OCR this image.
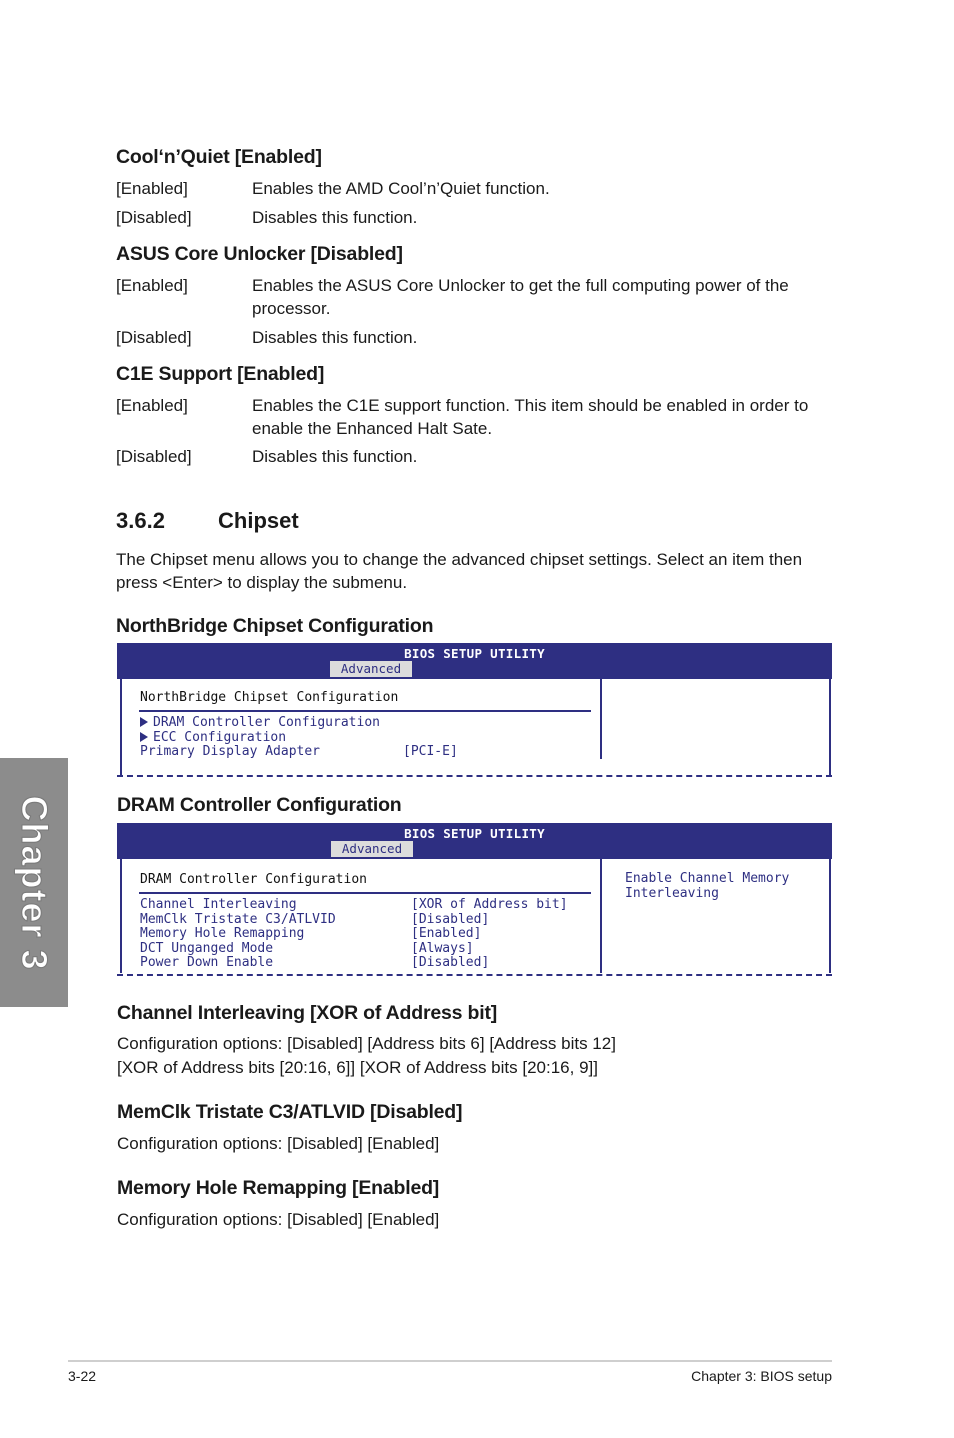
Cool‘n’Quiet [Enabled]
[Enabled]	Enables the AMD Cool’n’Quiet function.
[Disabled]	Disables this function.
ASUS Core Unlocker [Disabled]
[Enabled]	Enables the ASUS Core Unlocker to get the full computing power of the processor.
[Disabled]	Disables this function.
C1E Support [Enabled]
[Enabled]	Enables the C1E support function. This item should be enabled in order to enable the Enhanced Halt Sate.
[Disabled]	Disables this function.
3.6.2 Chipset
The Chipset menu allows you to change the advanced chipset settings. Select an item then press <Enter> to display the submenu.
NorthBridge Chipset Configuration
BIOS SETUP UTILITY
Advanced
NorthBridge Chipset Configuration
DRAM Controller Configuration
ECC Configuration
Primary Display Adapter	[PCI-E]
DRAM Controller Configuration
BIOS SETUP UTILITY
Advanced
DRAM Controller Configuration	Enable Channel Memory
Interleaving
Channel Interleaving	[XOR of Address bit]
MemClk Tristate C3/ATLVID	[Disabled]
Memory Hole Remapping	[Enabled]
DCT Unganged Mode	[Always]
Power Down Enable	[Disabled]
Channel Interleaving [XOR of Address bit]
Configuration options: [Disabled] [Address bits 6] [Address bits 12]
[XOR of Address bits [20:16, 6]] [XOR of Address bits [20:16, 9]]
MemClk Tristate C3/ATLVID [Disabled]
Configuration options: [Disabled] [Enabled]
Memory Hole Remapping [Enabled]
Configuration options: [Disabled] [Enabled]
Chapter 3
3-22	Chapter 3: BIOS setup
